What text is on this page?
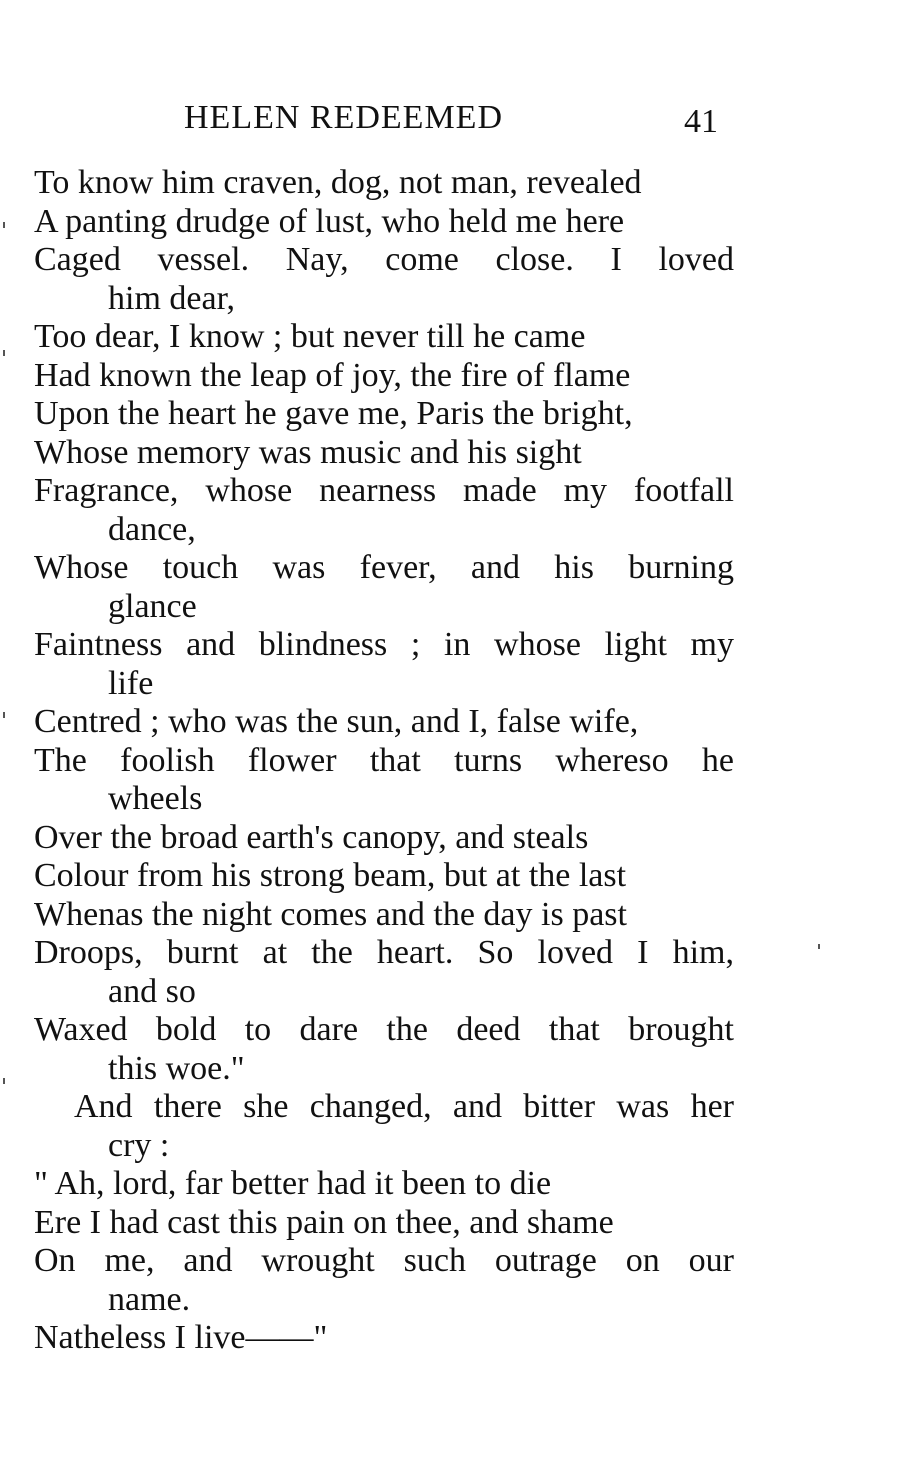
HELEN REDEEMED	41
To know him craven, dog, not man, revealed
A panting drudge of lust, who held me here
Caged vessel. Nay, come close. I loved
him dear,
Too dear, I know ; but never till he came
Had known the leap of joy, the fire of flame
Upon the heart he gave me, Paris the bright,
Whose memory was music and his sight
Fragrance, whose nearness made my footfall
dance,
Whose touch was fever, and his burning
glance
Faintness and blindness ; in whose light my
life
Centred ; who was the sun, and I, false wife,
The foolish flower that turns whereso he
wheels
Over the broad earth's canopy, and steals
Colour from his strong beam, but at the last
Whenas the night comes and the day is past
Droops, burnt at the heart. So loved I him,
and so
Waxed bold to dare the deed that brought
this woe."
And there she changed, and bitter was her
cry :
" Ah, lord, far better had it been to die
Ere I had cast this pain on thee, and shame
On me, and wrought such outrage on our
name.
Natheless I live——"
